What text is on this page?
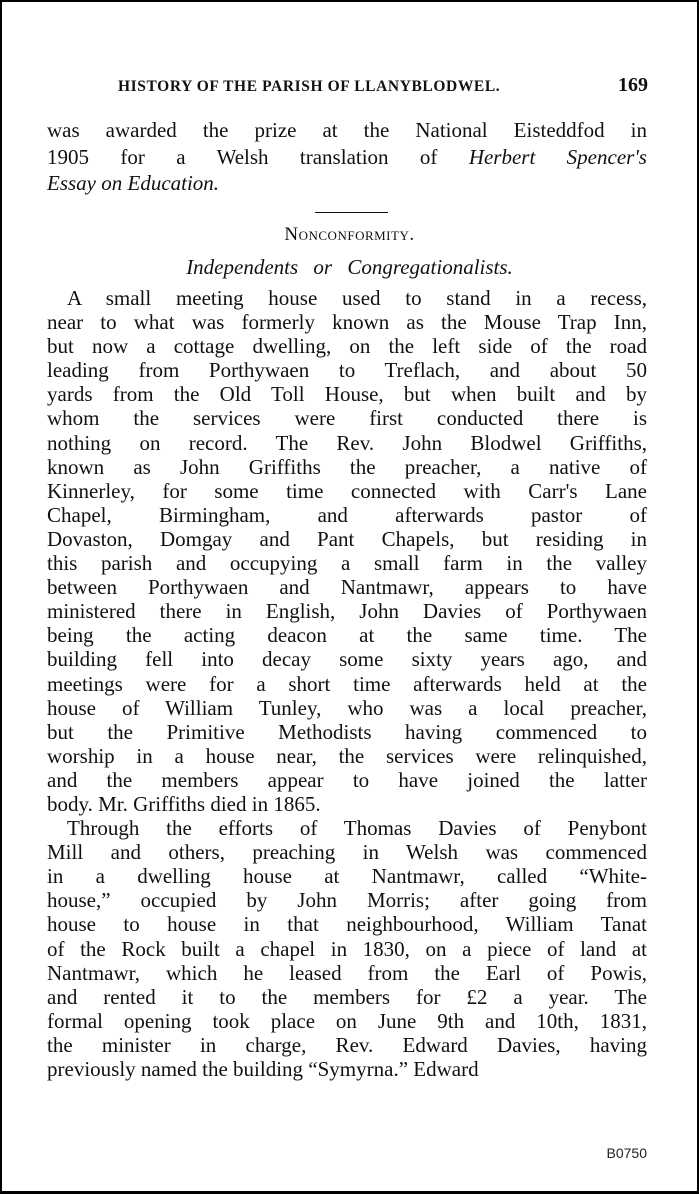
HISTORY OF THE PARISH OF LLANYBLODWEL.	169
was awarded the prize at the National Eisteddfod in
1905 for a Welsh translation of Herbert Spencer's
Essay on Education.
Nonconformity.
Independents or Congregationalists.
A small meeting house used to stand in a recess,
near to what was formerly known as the Mouse Trap Inn,
but now a cottage dwelling, on the left side of the road
leading from Porthywaen to Treflach, and about 50
yards from the Old Toll House, but when built and by
whom the services were first conducted there is
nothing on record. The Rev. John Blodwel Griffiths,
known as John Griffiths the preacher, a native of
Kinnerley, for some time connected with Carr's Lane
Chapel, Birmingham, and afterwards pastor of
Dovaston, Domgay and Pant Chapels, but residing in
this parish and occupying a small farm in the valley
between Porthywaen and Nantmawr, appears to have
ministered there in English, John Davies of Porthywaen
being the acting deacon at the same time. The
building fell into decay some sixty years ago, and
meetings were for a short time afterwards held at the
house of William Tunley, who was a local preacher,
but the Primitive Methodists having commenced to
worship in a house near, the services were relinquished,
and the members appear to have joined the latter
body. Mr. Griffiths died in 1865.
Through the efforts of Thomas Davies of Penybont
Mill and others, preaching in Welsh was commenced
in a dwelling house at Nantmawr, called “White-
house,” occupied by John Morris; after going from
house to house in that neighbourhood, William Tanat
of the Rock built a chapel in 1830, on a piece of land at
Nantmawr, which he leased from the Earl of Powis,
and rented it to the members for £2 a year. The
formal opening took place on June 9th and 10th, 1831,
the minister in charge, Rev. Edward Davies, having
previously named the building “Symyrna.” Edward
B0750
